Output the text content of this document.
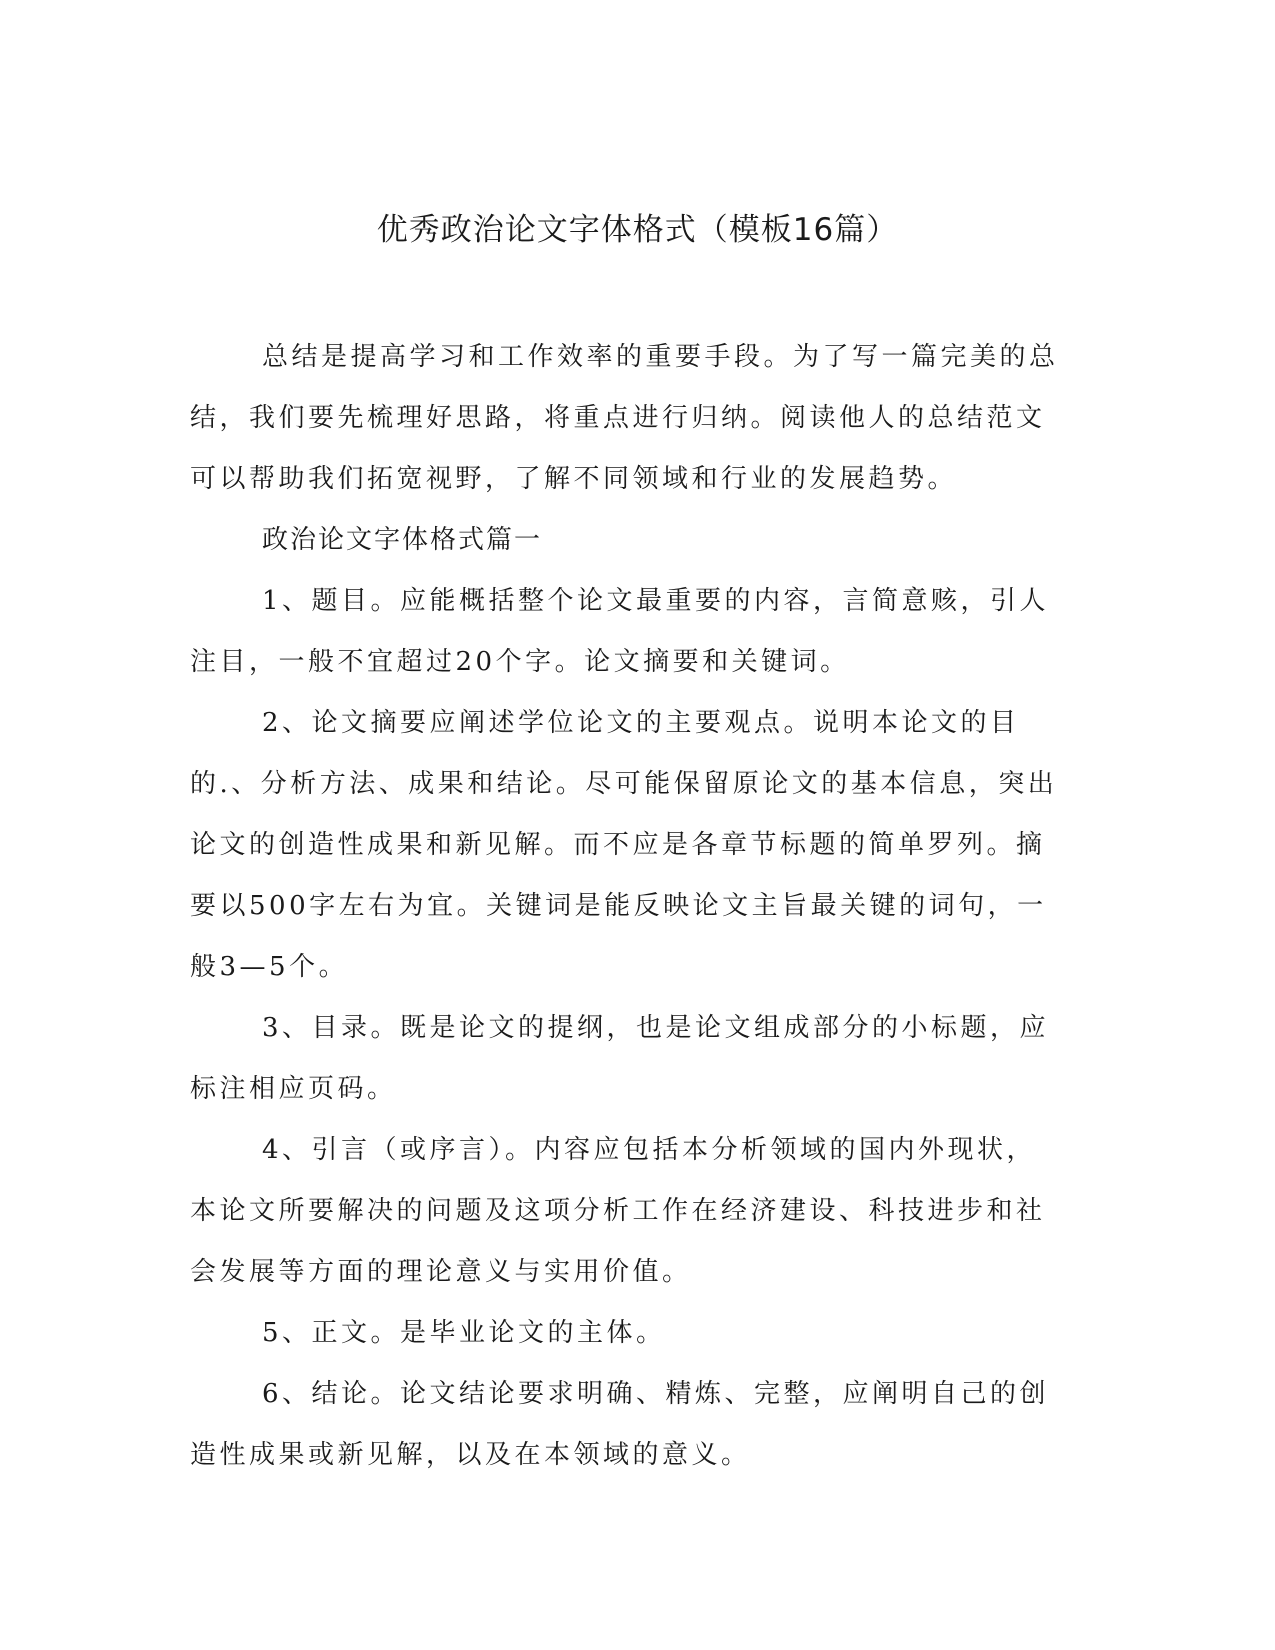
优秀政治论文字体格式（模板16篇）

总结是提高学习和工作效率的重要手段。为了写一篇完美的总结，我们要先梳理好思路，将重点进行归纳。阅读他人的总结范文可以帮助我们拓宽视野，了解不同领域和行业的发展趋势。

政治论文字体格式篇一

1、题目。应能概括整个论文最重要的内容，言简意赅，引人注目，一般不宜超过20个字。论文摘要和关键词。

2、论文摘要应阐述学位论文的主要观点。说明本论文的目的.、分析方法、成果和结论。尽可能保留原论文的基本信息，突出论文的创造性成果和新见解。而不应是各章节标题的简单罗列。摘要以500字左右为宜。关键词是能反映论文主旨最关键的词句，一般3—5个。

3、目录。既是论文的提纲，也是论文组成部分的小标题，应标注相应页码。

4、引言（或序言）。内容应包括本分析领域的国内外现状，本论文所要解决的问题及这项分析工作在经济建设、科技进步和社会发展等方面的理论意义与实用价值。

5、正文。是毕业论文的主体。

6、结论。论文结论要求明确、精炼、完整，应阐明自己的创造性成果或新见解，以及在本领域的意义。
